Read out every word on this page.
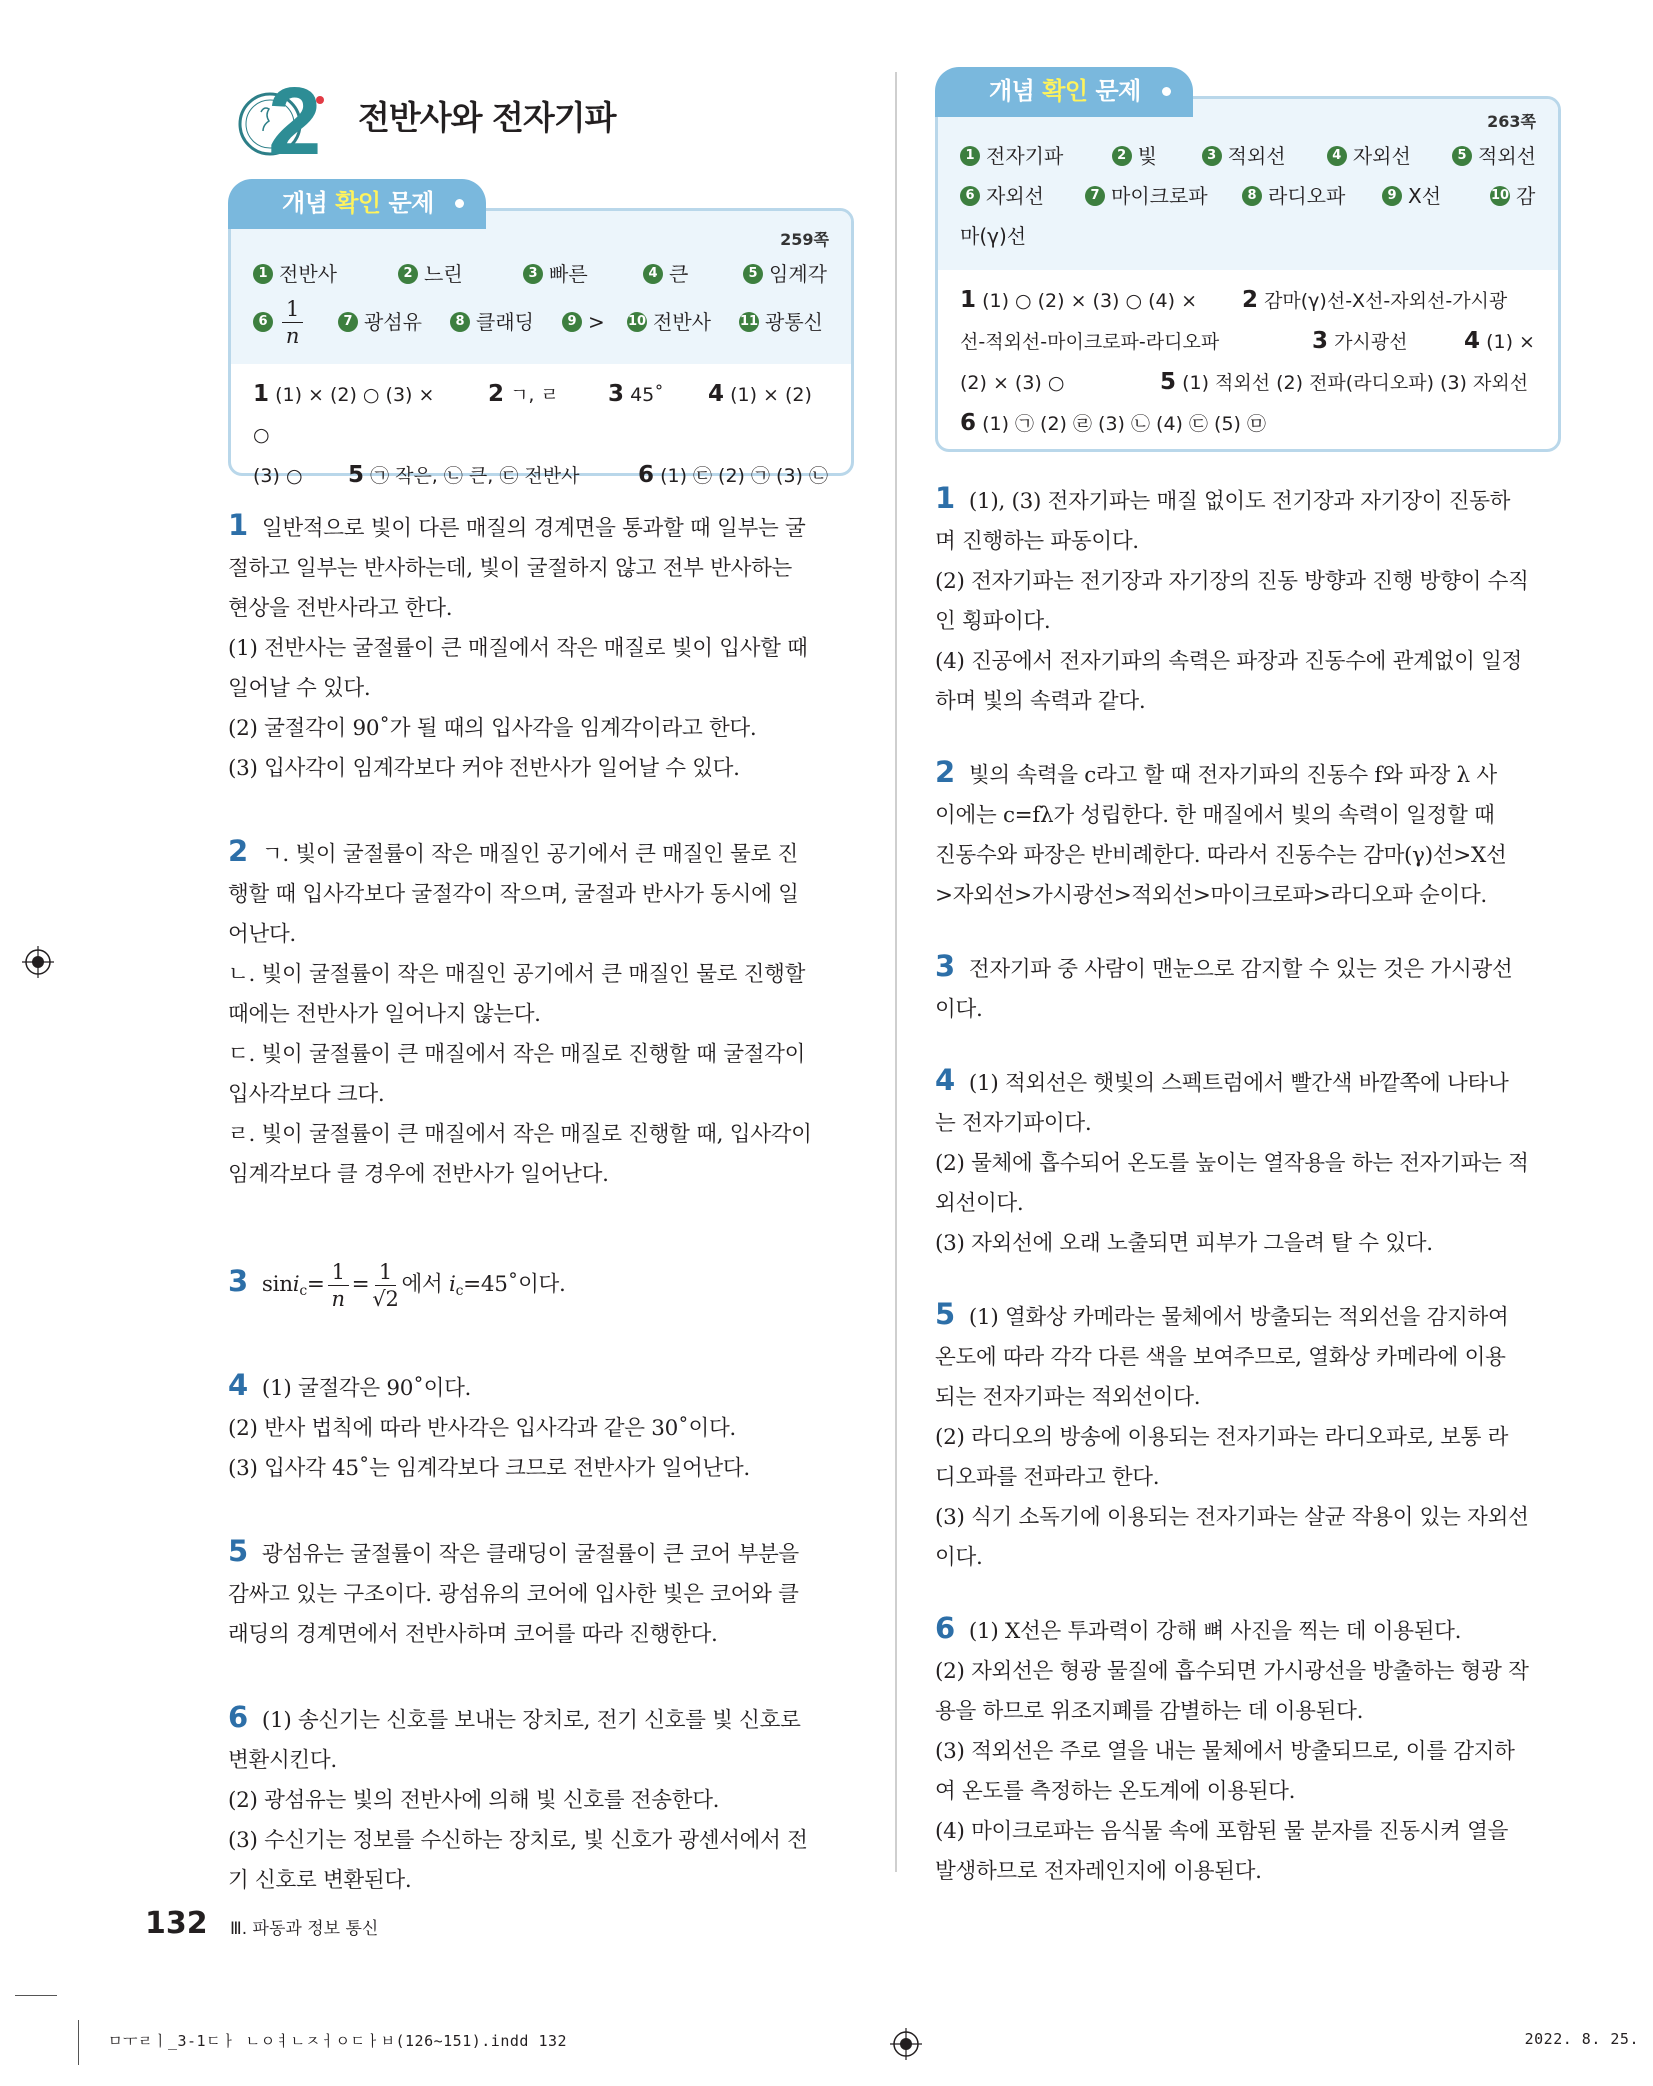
2 전반사와 전자기파
개념 확인 문제
259쪽
1 전반사	2 느린	3 빠른	4 큰	5 임계각
$6 \frac{1}{n}$	7 광섬유	8 클래딩	9 > 10 전반사 11 광통신
1 (1) × (2) ○ (3) × 2 ㄱ, ㄹ 3 45˚ 4 (1) × (2) ○
(3) ○ 5 ㉠ 작은, ㉡ 큰, ㉢ 전반사	6 (1) ㉢ (2) ㉠ (3) ㉡
개념 확인 문제
263쪽
1 전자기파	2 빛	3 적외선	4 자외선	5 적외선
6 자외선	7 마이크로파	8 라디오파	9 X선	10 감
마(γ)선
1 (1) ○ (2) × (3) ○ (4) × 2 감마(γ)선-X선-자외선-가시광
선-적외선-마이크로파-라디오파	3 가시광선 4 (1) ×
(2) × (3) ○	5 (1) 적외선 (2) 전파(라디오파) (3) 자외선
6 (1) ㉠ (2) ㉣ (3) ㉡ (4) ㉢ (5) ㉤
1 일반적으로 빛이 다른 매질의 경계면을 통과할 때 일부는 굴
절하고 일부는 반사하는데, 빛이 굴절하지 않고 전부 반사하는
현상을 전반사라고 한다.
(1) 전반사는 굴절률이 큰 매질에서 작은 매질로 빛이 입사할 때
일어날 수 있다.
(2) 굴절각이 90˚가 될 때의 입사각을 임계각이라고 한다.
(3) 입사각이 임계각보다 커야 전반사가 일어날 수 있다.
2 ㄱ. 빛이 굴절률이 작은 매질인 공기에서 큰 매질인 물로 진
행할 때 입사각보다 굴절각이 작으며, 굴절과 반사가 동시에 일
어난다.
ㄴ. 빛이 굴절률이 작은 매질인 공기에서 큰 매질인 물로 진행할
때에는 전반사가 일어나지 않는다.
ㄷ. 빛이 굴절률이 큰 매질에서 작은 매질로 진행할 때 굴절각이
입사각보다 크다.
ㄹ. 빛이 굴절률이 큰 매질에서 작은 매질로 진행할 때, 입사각이
임계각보다 클 경우에 전반사가 일어난다.
3 sinic= $\frac{1}{n} = \frac{1}{√2}$ 에서 ic=45˚이다.
4 (1) 굴절각은 90˚이다.
(2) 반사 법칙에 따라 반사각은 입사각과 같은 30˚이다.
(3) 입사각 45˚는 임계각보다 크므로 전반사가 일어난다.
5 광섬유는 굴절률이 작은 클래딩이 굴절률이 큰 코어 부분을
감싸고 있는 구조이다. 광섬유의 코어에 입사한 빛은 코어와 클
래딩의 경계면에서 전반사하며 코어를 따라 진행한다.
6 (1) 송신기는 신호를 보내는 장치로, 전기 신호를 빛 신호로
변환시킨다.
(2) 광섬유는 빛의 전반사에 의해 빛 신호를 전송한다.
(3) 수신기는 정보를 수신하는 장치로, 빛 신호가 광센서에서 전
기 신호로 변환된다.
1 (1), (3) 전자기파는 매질 없이도 전기장과 자기장이 진동하
며 진행하는 파동이다.
(2) 전자기파는 전기장과 자기장의 진동 방향과 진행 방향이 수직
인 횡파이다.
(4) 진공에서 전자기파의 속력은 파장과 진동수에 관계없이 일정
하며 빛의 속력과 같다.
2 빛의 속력을 c라고 할 때 전자기파의 진동수 f와 파장 λ 사
이에는 c=fλ가 성립한다. 한 매질에서 빛의 속력이 일정할 때
진동수와 파장은 반비례한다. 따라서 진동수는 감마(γ)선>X선
>자외선>가시광선>적외선>마이크로파>라디오파 순이다.
3 전자기파 중 사람이 맨눈으로 감지할 수 있는 것은 가시광선
이다.
4 (1) 적외선은 햇빛의 스펙트럼에서 빨간색 바깥쪽에 나타나
는 전자기파이다.
(2) 물체에 흡수되어 온도를 높이는 열작용을 하는 전자기파는 적
외선이다.
(3) 자외선에 오래 노출되면 피부가 그을려 탈 수 있다.
5 (1) 열화상 카메라는 물체에서 방출되는 적외선을 감지하여
온도에 따라 각각 다른 색을 보여주므로, 열화상 카메라에 이용
되는 전자기파는 적외선이다.
(2) 라디오의 방송에 이용되는 전자기파는 라디오파로, 보통 라
디오파를 전파라고 한다.
(3) 식기 소독기에 이용되는 전자기파는 살균 작용이 있는 자외선
이다.
6 (1) X선은 투과력이 강해 뼈 사진을 찍는 데 이용된다.
(2) 자외선은 형광 물질에 흡수되면 가시광선을 방출하는 형광 작
용을 하므로 위조지폐를 감별하는 데 이용된다.
(3) 적외선은 주로 열을 내는 물체에서 방출되므로, 이를 감지하
여 온도를 측정하는 온도계에 이용된다.
(4) 마이크로파는 음식물 속에 포함된 물 분자를 진동시켜 열을
발생하므로 전자레인지에 이용된다.
132 Ⅲ. 파동과 정보 통신
ㅁㅜㄹㅣ_3-1ㄷㅏ ㄴㅇㅕㄴㅈㅓㅇㄷㅏㅂ(126~151).indd 132	2022. 8. 25.
